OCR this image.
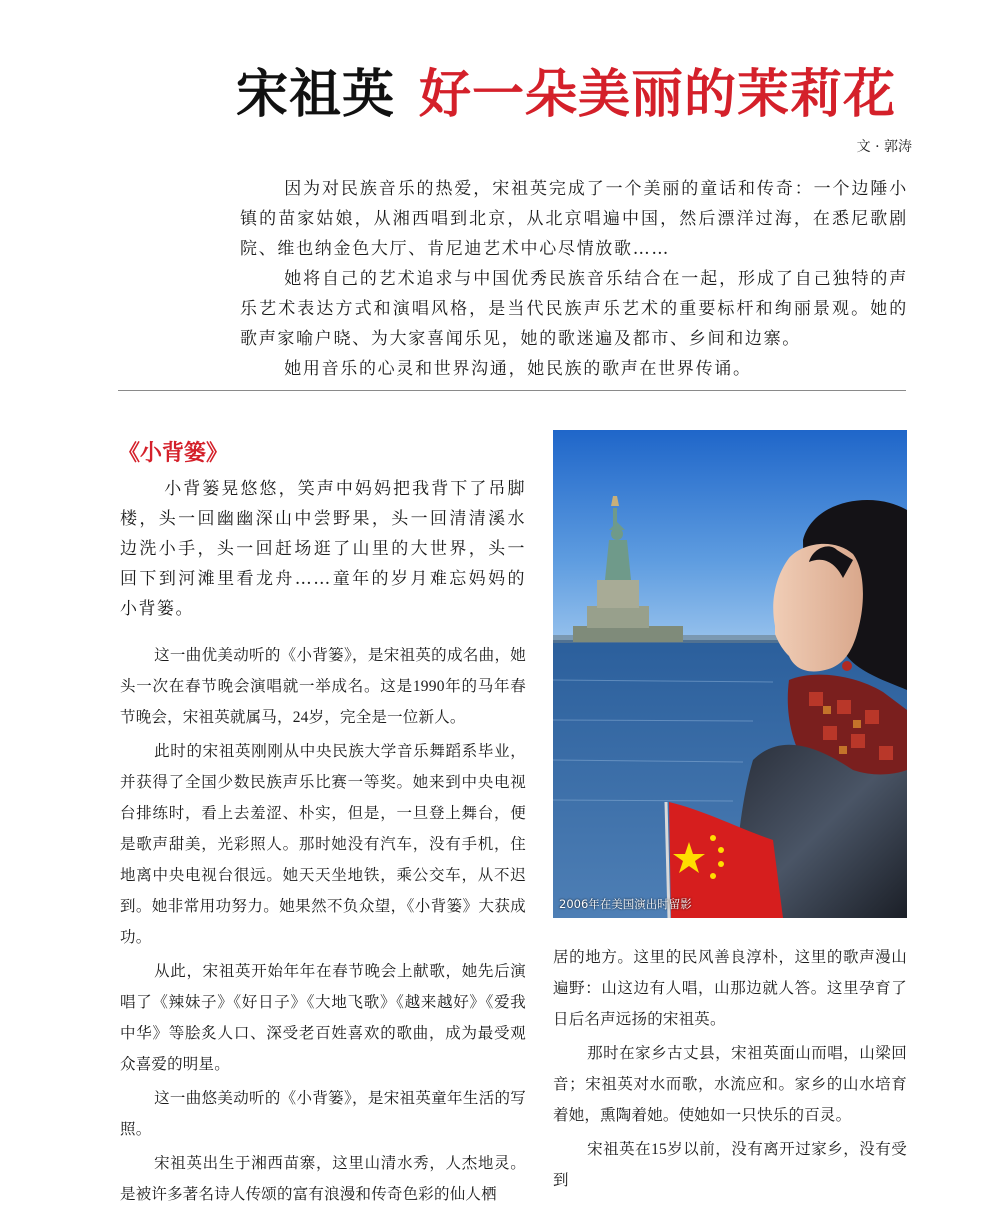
宋祖英 好一朵美丽的茉莉花
文 · 郭涛

因为对民族音乐的热爱，宋祖英完成了一个美丽的童话和传奇：一个边陲小镇的苗家姑娘，从湘西唱到北京，从北京唱遍中国，然后漂洋过海，在悉尼歌剧院、维也纳金色大厅、肯尼迪艺术中心尽情放歌……

她将自己的艺术追求与中国优秀民族音乐结合在一起，形成了自己独特的声乐艺术表达方式和演唱风格，是当代民族声乐艺术的重要标杆和绚丽景观。她的歌声家喻户晓、为大家喜闻乐见，她的歌迷遍及都市、乡间和边寨。

她用音乐的心灵和世界沟通，她民族的歌声在世界传诵。

《小背篓》

小背篓晃悠悠，笑声中妈妈把我背下了吊脚楼，头一回幽幽深山中尝野果，头一回清清溪水边洗小手，头一回赶场逛了山里的大世界，头一回下到河滩里看龙舟……童年的岁月难忘妈妈的小背篓。

这一曲优美动听的《小背篓》，是宋祖英的成名曲，她头一次在春节晚会演唱就一举成名。这是1990年的马年春节晚会，宋祖英就属马，24岁，完全是一位新人。

此时的宋祖英刚刚从中央民族大学音乐舞蹈系毕业，并获得了全国少数民族声乐比赛一等奖。她来到中央电视台排练时，看上去羞涩、朴实，但是，一旦登上舞台，便是歌声甜美，光彩照人。那时她没有汽车，没有手机，住地离中央电视台很远。她天天坐地铁，乘公交车，从不迟到。她非常用功努力。她果然不负众望，《小背篓》大获成功。

从此，宋祖英开始年年在春节晚会上献歌，她先后演唱了《辣妹子》《好日子》《大地飞歌》《越来越好》《爱我中华》等脍炙人口、深受老百姓喜欢的歌曲，成为最受观众喜爱的明星。

这一曲悠美动听的《小背篓》，是宋祖英童年生活的写照。

宋祖英出生于湘西苗寨，这里山清水秀，人杰地灵。是被许多著名诗人传颂的富有浪漫和传奇色彩的仙人栖

2006年在美国演出时留影

居的地方。这里的民风善良淳朴，这里的歌声漫山遍野：山这边有人唱，山那边就人答。这里孕育了日后名声远扬的宋祖英。

那时在家乡古丈县，宋祖英面山而唱，山梁回音；宋祖英对水而歌，水流应和。家乡的山水培育着她，熏陶着她。使她如一只快乐的百灵。

宋祖英在15岁以前，没有离开过家乡，没有受到
